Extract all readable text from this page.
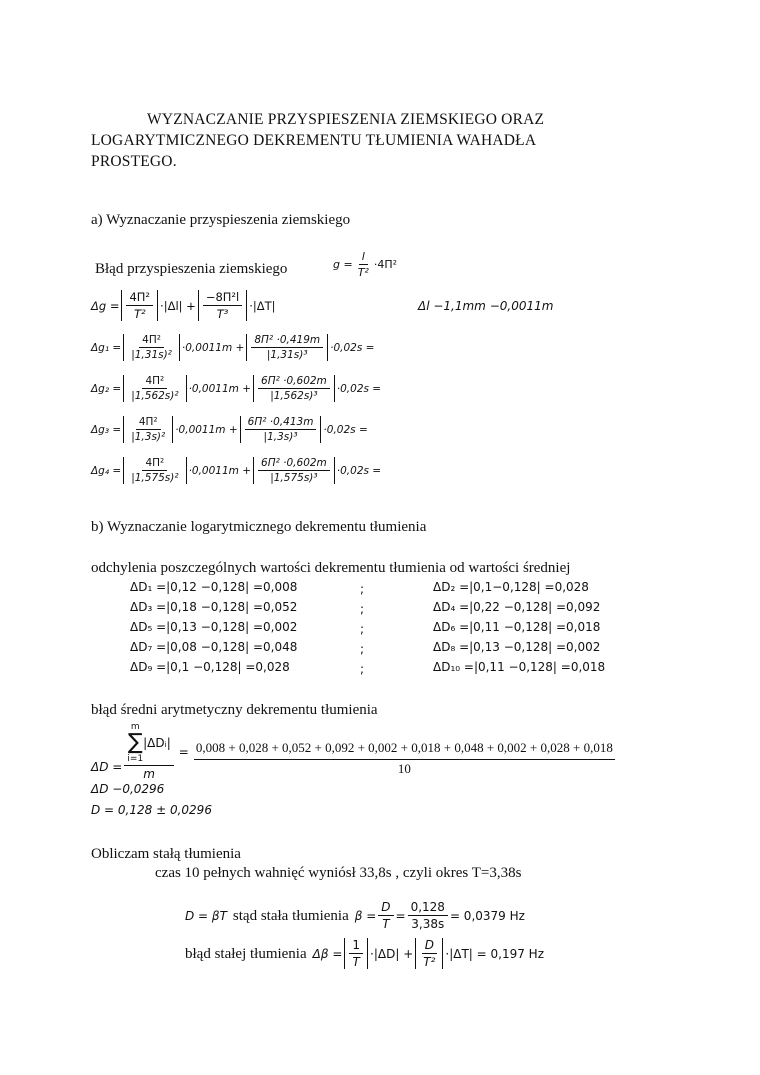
WYZNACZANIE PRZYSPIESZENIA ZIEMSKIEGO ORAZ
LOGARYTMICZNEGO DEKREMENTU TŁUMIENIA WAHADŁA
PROSTEGO.
a) Wyznaczanie przyspieszenia ziemskiego
Błąd przyspieszenia ziemskiego	$g = \frac{l}{\text{T²}} \cdot 4\Pi^2$
$\Delta g = \frac{\text{4Π²}}{\text{T²}} \cdot|\Delta l| + \frac{\text{−8Π²l}}{\text{T³}} \cdot|\Delta T|$	Δl −1,1mm −0,0011m
$\Delta g_1 = \frac{\text{4Π²}}{\text{|1,31s)²}} \cdot 0,0011m + \frac{\text{8Π² ·0,419m}}{\text{|1,31s)³}} \cdot 0,02s$ =
$\Delta g_2 = \frac{\text{4Π²}}{\text{|1,562s)²}} \cdot 0,0011m + \frac{\text{6Π² ·0,602m}}{\text{|1,562s)³}} \cdot 0,02s$ =
$\Delta g_3 = \frac{\text{4Π²}}{\text{|1,3s)²}} \cdot 0,0011m + \frac{\text{6Π² ·0,413m}}{\text{|1,3s)³}} \cdot 0,02s$ =
$\Delta g_4 = \frac{\text{4Π²}}{\text{|1,575s)²}} \cdot 0,0011m + \frac{\text{6Π² ·0,602m}}{\text{|1,575s)³}} \cdot 0,02s$ =
b) Wyznaczanie logarytmicznego dekrementu tłumienia
odchylenia poszczególnych wartości dekrementu tłumienia od wartości średniej
ΔD₁ =|0,12 −0,128| =0,008	;	ΔD₂ =|0,1−0,128| =0,028
ΔD₃ =|0,18 −0,128| =0,052	;	ΔD₄ =|0,22 −0,128| =0,092
ΔD₅ =|0,13 −0,128| =0,002	;	ΔD₆ =|0,11 −0,128| =0,018
ΔD₇ =|0,08 −0,128| =0,048	;	ΔD₈ =|0,13 −0,128| =0,002
ΔD₉ =|0,1 −0,128| =0,028	;	ΔD₁₀ =|0,11 −0,128| =0,018
błąd średni arytmetyczny dekrementu tłumienia
ΔD = m
∑
i=1
|ΔDᵢ|
m = 0,008 + 0,028 + 0,052 + 0,092 + 0,002 + 0,018 + 0,048 + 0,002 + 0,028 + 0,018
10
ΔD −0,0296
D = 0,128 ± 0,0296
Obliczam stałą tłumienia
czas 10 pełnych wahnięć wyniósł 33,8s , czyli okres T=3,38s
D = βT stąd stała tłumienia $\beta = \frac{D}{T} = \frac{0,128}{3,38s} = 0,0379$ Hz
błąd stałej tłumienia $\Delta\beta = \frac{1}{T} \cdot|\Delta D| + \frac{D}{\text{T²}} \cdot|\Delta T| = 0,197$ Hz
